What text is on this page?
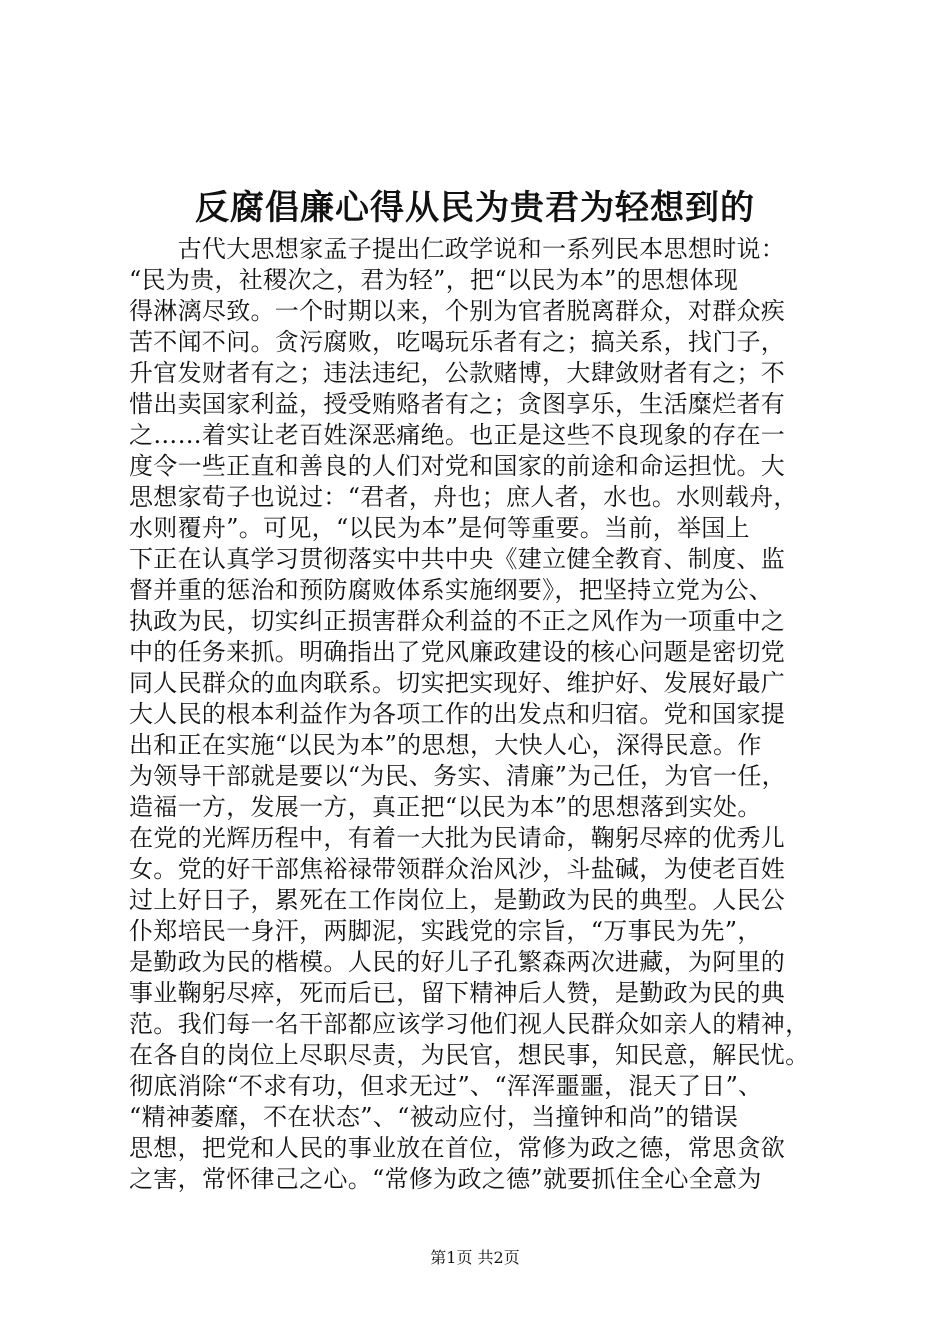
反腐倡廉心得从民为贵君为轻想到的
　　古代大思想家孟子提出仁政学说和一系列民本思想时说：
“民为贵，社稷次之，君为轻”，把“以民为本”的思想体现
得淋漓尽致。一个时期以来，个别为官者脱离群众，对群众疾
苦不闻不问。贪污腐败，吃喝玩乐者有之；搞关系，找门子，
升官发财者有之；违法违纪，公款赌博，大肆敛财者有之；不
惜出卖国家利益，授受贿赂者有之；贪图享乐，生活糜烂者有
之……着实让老百姓深恶痛绝。也正是这些不良现象的存在一
度令一些正直和善良的人们对党和国家的前途和命运担忧。大
思想家荀子也说过：“君者，舟也；庶人者，水也。水则载舟，
水则覆舟”。可见，“以民为本”是何等重要。当前，举国上
下正在认真学习贯彻落实中共中央《建立健全教育、制度、监
督并重的惩治和预防腐败体系实施纲要》，把坚持立党为公、
执政为民，切实纠正损害群众利益的不正之风作为一项重中之
中的任务来抓。明确指出了党风廉政建设的核心问题是密切党
同人民群众的血肉联系。切实把实现好、维护好、发展好最广
大人民的根本利益作为各项工作的出发点和归宿。党和国家提
出和正在实施“以民为本”的思想，大快人心，深得民意。作
为领导干部就是要以“为民、务实、清廉”为己任，为官一任，
造福一方，发展一方，真正把“以民为本”的思想落到实处。
在党的光辉历程中，有着一大批为民请命，鞠躬尽瘁的优秀儿
女。党的好干部焦裕禄带领群众治风沙，斗盐碱，为使老百姓
过上好日子，累死在工作岗位上，是勤政为民的典型。人民公
仆郑培民一身汗，两脚泥，实践党的宗旨，“万事民为先”，
是勤政为民的楷模。人民的好儿子孔繁森两次进藏，为阿里的
事业鞠躬尽瘁，死而后已，留下精神后人赞，是勤政为民的典
范。我们每一名干部都应该学习他们视人民群众如亲人的精神，
在各自的岗位上尽职尽责，为民官，想民事，知民意，解民忧。
彻底消除“不求有功，但求无过”、“浑浑噩噩，混天了日”、
“精神萎靡，不在状态”、“被动应付，当撞钟和尚”的错误
思想，把党和人民的事业放在首位，常修为政之德，常思贪欲
之害，常怀律己之心。“常修为政之德”就要抓住全心全意为
第1页 共2页
